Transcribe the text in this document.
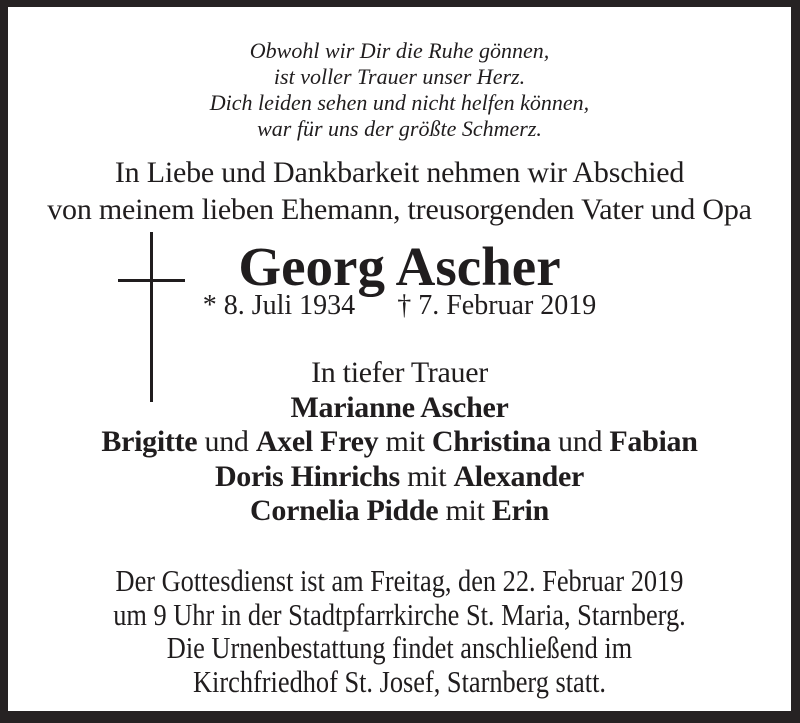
Obwohl wir Dir die Ruhe gönnen,
ist voller Trauer unser Herz.
Dich leiden sehen und nicht helfen können,
war für uns der größte Schmerz.
In Liebe und Dankbarkeit nehmen wir Abschied
von meinem lieben Ehemann, treusorgenden Vater und Opa
Georg Ascher
* 8. Juli 1934 † 7. Februar 2019
In tiefer Trauer
Marianne Ascher
Brigitte und Axel Frey mit Christina und Fabian
Doris Hinrichs mit Alexander
Cornelia Pidde mit Erin
Der Gottesdienst ist am Freitag, den 22. Februar 2019
um 9 Uhr in der Stadtpfarrkirche St. Maria, Starnberg.
Die Urnenbestattung findet anschließend im
Kirchfriedhof St. Josef, Starnberg statt.
